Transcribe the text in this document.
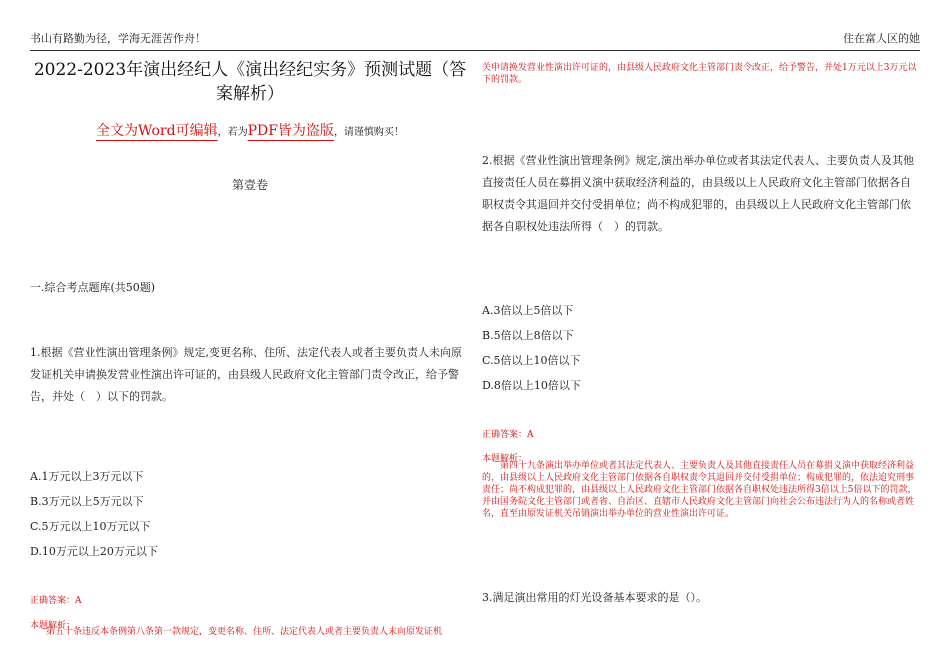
书山有路勤为径，学海无涯苦作舟！	住在富人区的她
2022-2023年演出经纪人《演出经纪实务》预测试题（答案解析）
全文为Word可编辑，若为PDF皆为盗版，请谨慎购买！
第壹卷
一.综合考点题库(共50题)
1.根据《营业性演出管理条例》规定,变更名称、住所、法定代表人或者主要负责人未向原发证机关申请换发营业性演出许可证的，由县级人民政府文化主管部门责令改正，给予警告，并处（　）以下的罚款。
A.1万元以上3万元以下
B.3万元以上5万元以下
C.5万元以上10万元以下
D.10万元以上20万元以下
正确答案：A
本题解析：
第五十条违反本条例第八条第一款规定，变更名称、住所、法定代表人或者主要负责人未向原发证机
关申请换发营业性演出许可证的，由县级人民政府文化主管部门责令改正，给予警告，并处1万元以上3万元以下的罚款。
2.根据《营业性演出管理条例》规定,演出举办单位或者其法定代表人、主要负责人及其他直接责任人员在募捐义演中获取经济利益的，由县级以上人民政府文化主管部门依据各自职权责令其退回并交付受捐单位；尚不构成犯罪的，由县级以上人民政府文化主管部门依据各自职权处违法所得（　）的罚款。
A.3倍以上5倍以下
B.5倍以上8倍以下
C.5倍以上10倍以下
D.8倍以上10倍以下
正确答案：A
本题解析：
第四十九条演出举办单位或者其法定代表人、主要负责人及其他直接责任人员在募捐义演中获取经济利益的，由县级以上人民政府文化主管部门依据各自职权责令其退回并交付受捐单位；构成犯罪的，依法追究刑事责任；尚不构成犯罪的，由县级以上人民政府文化主管部门依据各自职权处违法所得3倍以上5倍以下的罚款，并由国务院文化主管部门或者省、自治区、直辖市人民政府文化主管部门向社会公布违法行为人的名称或者姓名，直至由原发证机关吊销演出举办单位的营业性演出许可证。
3.满足演出常用的灯光设备基本要求的是（）。
